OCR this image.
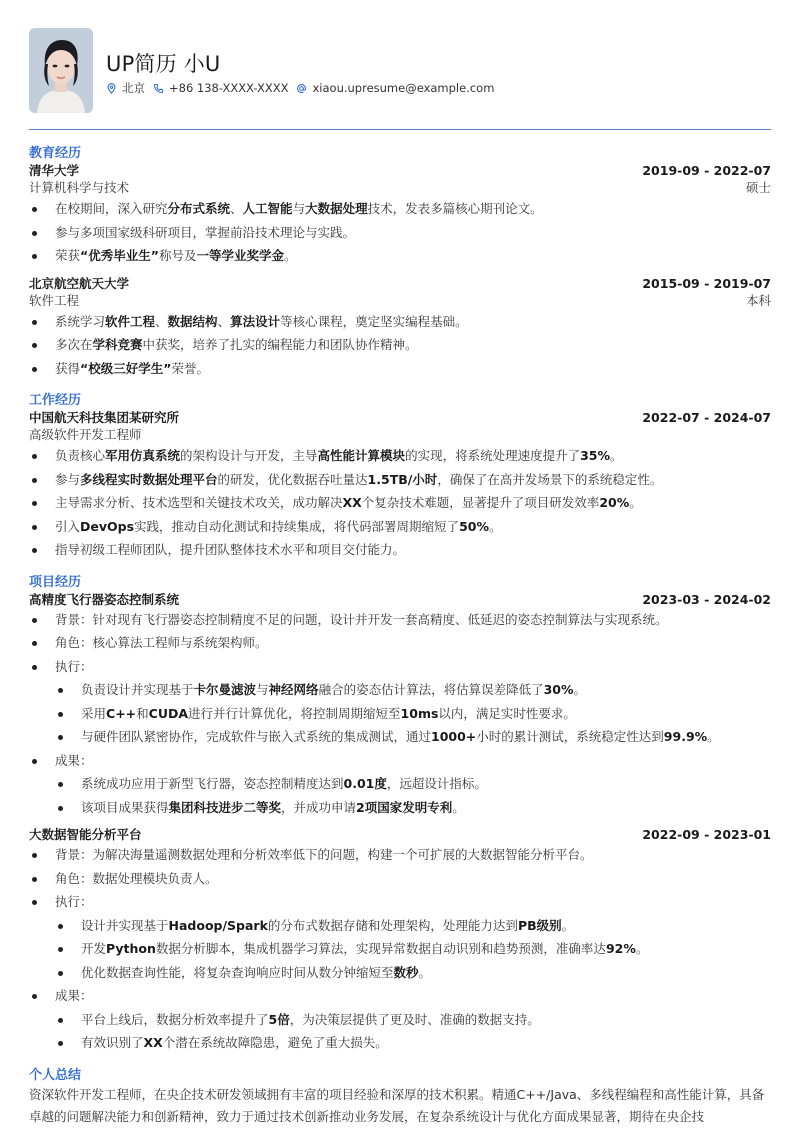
UP简历 小U
北京 +86 138-XXXX-XXXX xiaou.upresume@example.com
教育经历
清华大学	2019-09 - 2022-07
计算机科学与技术	硕士
在校期间，深入研究分布式系统、人工智能与大数据处理技术，发表多篇核心期刊论文。
参与多项国家级科研项目，掌握前沿技术理论与实践。
荣获“优秀毕业生”称号及一等学业奖学金。
北京航空航天大学	2015-09 - 2019-07
软件工程	本科
系统学习软件工程、数据结构、算法设计等核心课程，奠定坚实编程基础。
多次在学科竞赛中获奖，培养了扎实的编程能力和团队协作精神。
获得“校级三好学生”荣誉。
工作经历
中国航天科技集团某研究所	2022-07 - 2024-07
高级软件开发工程师
负责核心军用仿真系统的架构设计与开发，主导高性能计算模块的实现，将系统处理速度提升了35%。
参与多线程实时数据处理平台的研发，优化数据吞吐量达1.5TB/小时，确保了在高并发场景下的系统稳定性。
主导需求分析、技术选型和关键技术攻关，成功解决XX个复杂技术难题，显著提升了项目研发效率20%。
引入DevOps实践，推动自动化测试和持续集成，将代码部署周期缩短了50%。
指导初级工程师团队，提升团队整体技术水平和项目交付能力。
项目经历
高精度飞行器姿态控制系统	2023-03 - 2024-02
背景：针对现有飞行器姿态控制精度不足的问题，设计并开发一套高精度、低延迟的姿态控制算法与实现系统。
角色：核心算法工程师与系统架构师。
执行：
负责设计并实现基于卡尔曼滤波与神经网络融合的姿态估计算法，将估算误差降低了30%。
采用C++和CUDA进行并行计算优化，将控制周期缩短至10ms以内，满足实时性要求。
与硬件团队紧密协作，完成软件与嵌入式系统的集成测试，通过1000+小时的累计测试，系统稳定性达到99.9%。
成果：
系统成功应用于新型飞行器，姿态控制精度达到0.01度，远超设计指标。
该项目成果获得集团科技进步二等奖，并成功申请2项国家发明专利。
大数据智能分析平台	2022-09 - 2023-01
背景：为解决海量遥测数据处理和分析效率低下的问题，构建一个可扩展的大数据智能分析平台。
角色：数据处理模块负责人。
执行：
设计并实现基于Hadoop/Spark的分布式数据存储和处理架构，处理能力达到PB级别。
开发Python数据分析脚本，集成机器学习算法，实现异常数据自动识别和趋势预测，准确率达92%。
优化数据查询性能，将复杂查询响应时间从数分钟缩短至数秒。
成果：
平台上线后，数据分析效率提升了5倍，为决策层提供了更及时、准确的数据支持。
有效识别了XX个潜在系统故障隐患，避免了重大损失。
个人总结
资深软件开发工程师，在央企技术研发领域拥有丰富的项目经验和深厚的技术积累。精通C++/Java、多线程编程和高性能计算，具备卓越的问题解决能力和创新精神，致力于通过技术创新推动业务发展，在复杂系统设计与优化方面成果显著，期待在央企技
